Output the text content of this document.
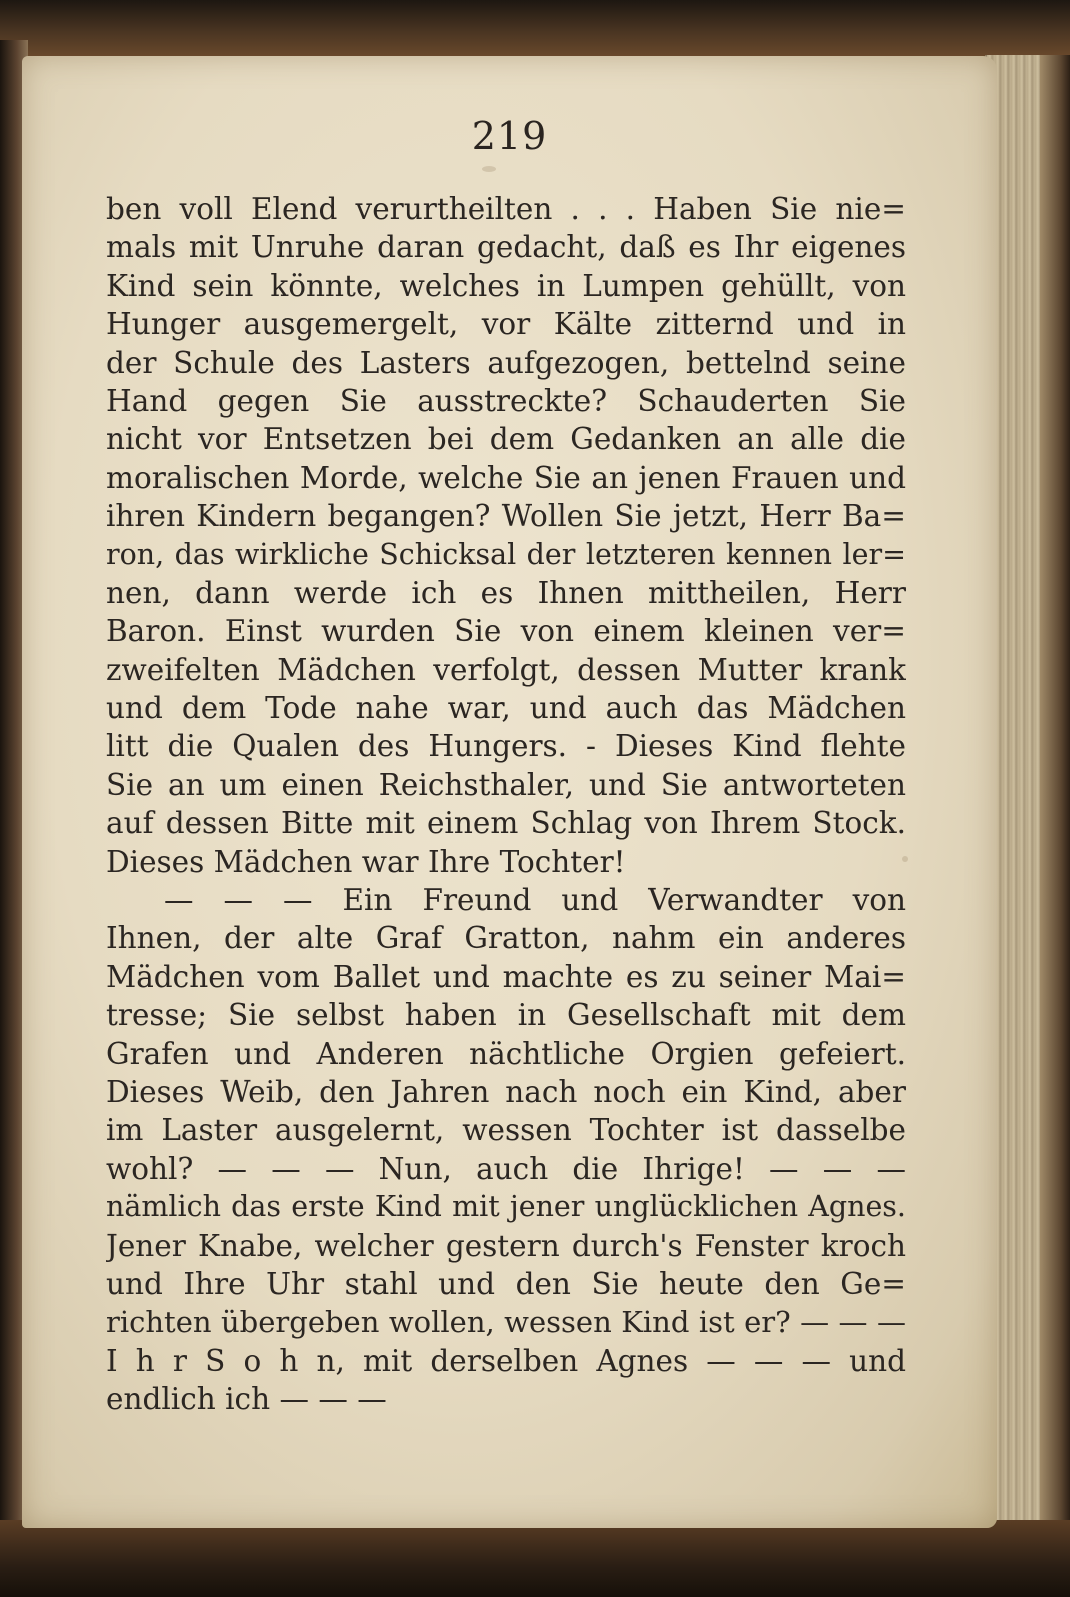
219
ben voll Elend verurtheilten . . . Haben Sie nie=
mals mit Unruhe daran gedacht, daß es Ihr eigenes
Kind sein könnte, welches in Lumpen gehüllt, von
Hunger ausgemergelt, vor Kälte zitternd und in
der Schule des Lasters aufgezogen, bettelnd seine
Hand gegen Sie ausstreckte? Schauderten Sie
nicht vor Entsetzen bei dem Gedanken an alle die
moralischen Morde, welche Sie an jenen Frauen und
ihren Kindern begangen? Wollen Sie jetzt, Herr Ba=
ron, das wirkliche Schicksal der letzteren kennen ler=
nen, dann werde ich es Ihnen mittheilen, Herr
Baron. Einst wurden Sie von einem kleinen ver=
zweifelten Mädchen verfolgt, dessen Mutter krank
und dem Tode nahe war, und auch das Mädchen
litt die Qualen des Hungers. - Dieses Kind flehte
Sie an um einen Reichsthaler, und Sie antworteten
auf dessen Bitte mit einem Schlag von Ihrem Stock.
Dieses Mädchen war Ihre Tochter!
— — — Ein Freund und Verwandter von
Ihnen, der alte Graf Gratton, nahm ein anderes
Mädchen vom Ballet und machte es zu seiner Mai=
tresse; Sie selbst haben in Gesellschaft mit dem
Grafen und Anderen nächtliche Orgien gefeiert.
Dieses Weib, den Jahren nach noch ein Kind, aber
im Laster ausgelernt, wessen Tochter ist dasselbe
wohl? — — — Nun, auch die Ihrige! — — —
nämlich das erste Kind mit jener unglücklichen Agnes.
Jener Knabe, welcher gestern durch's Fenster kroch
und Ihre Uhr stahl und den Sie heute den Ge=
richten übergeben wollen, wessen Kind ist er? — — —
I h r S o h n, mit derselben Agnes — — — und
endlich ich — — —
